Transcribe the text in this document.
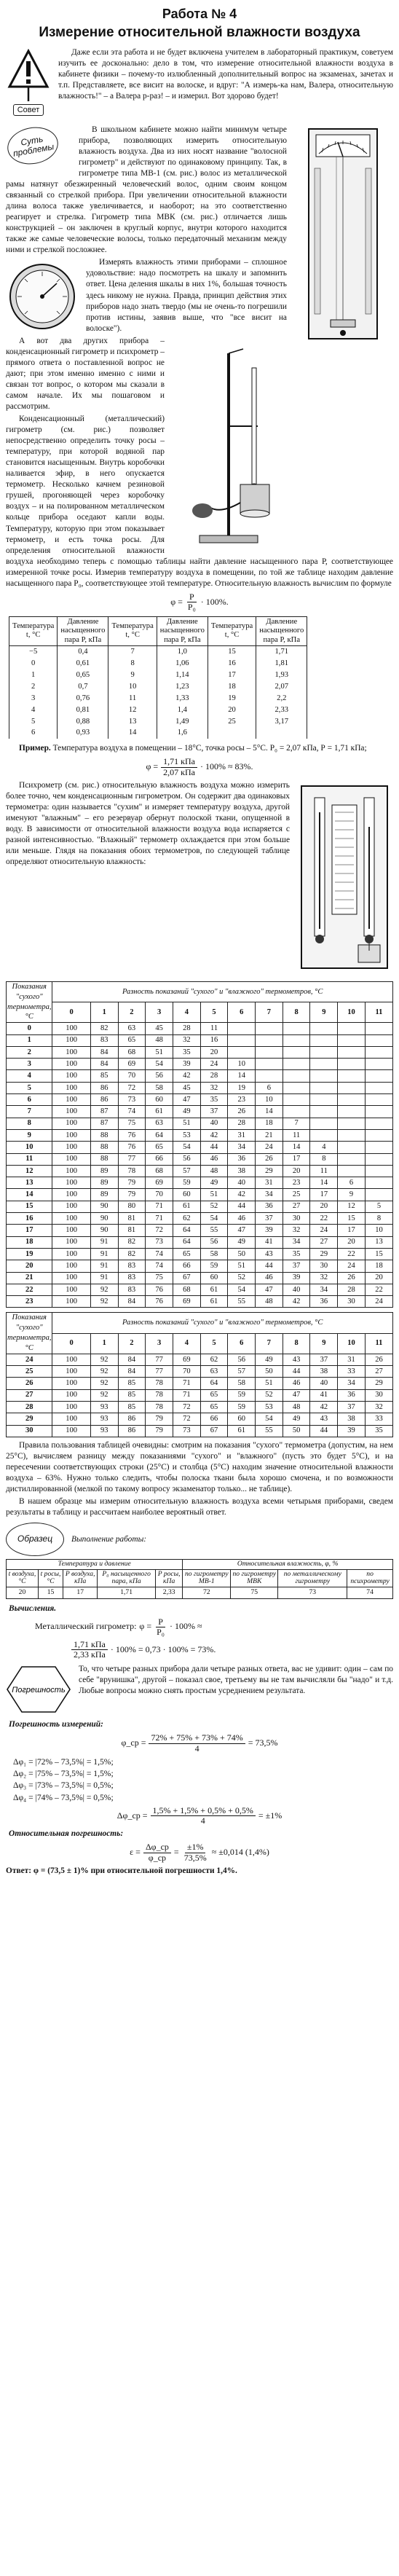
Работа № 4
Измерение относительной влажности воздуха
Совет

Даже если эта работа и не будет включена учителем в лабораторный практикум, советуем изучить ее досконально: дело в том, что измерение относительной влажности воздуха в кабинете физики – почему-то излюбленный дополнительный вопрос на экзаменах, зачетах и т.п. Представляете, все висит на волоске, и вдруг: "А измерь-ка нам, Валера, относительную влажность!" – а Валера р-раз! – и измерил. Вот здорово будет!

Суть проблемы

В школьном кабинете можно найти минимум четыре прибора, позволяющих измерить относительную влажность воздуха. Два из них носят название "волосной гигрометр" и действуют по одинаковому принципу. Так, в гигрометре типа МВ-1 (см. рис.) волос из металлической рамы натянут обезжиренный человеческий волос, одним своим концом связанный со стрелкой прибора. При увеличении относительной влажности длина волоса также увеличивается, и наоборот; на это соответственно реагирует и стрелка. Гигрометр типа МВК (см. рис.) отличается лишь конструкцией – он заключен в круглый корпус, внутри которого находится также же самые человеческие волосы, только передаточный механизм между ними и стрелкой посложнее.

Измерять влажность этими приборами – сплошное удовольствие: надо посмотреть на шкалу и запомнить ответ. Цена деления шкалы в них 1%, большая точность здесь никому не нужна. Правда, принцип действия этих приборов надо знать твердо (мы не очень-то погрешили против истины, заявив выше, что "все висит на волоске").

А вот два других прибора – конденсационный гигрометр и психрометр – прямого ответа о поставленной вопрос не дают; при этом именно именно с ними и связан тот вопрос, о котором мы сказали в самом начале. Их мы пошаговом и рассмотрим.

Конденсационный (металлический) гигрометр (см. рис.) позволяет непосредственно определить точку росы – температуру, при которой водяной пар становится насыщенным. Внутрь коробочки наливается эфир, в него опускается термометр. Несколько качнем резиновой грушей, прогоняющей через коробочку воздух – и на полированном металлическом кольце прибора оседают капли воды. Температуру, которую при этом показывает термометр, и есть точка росы. Для определения относительной влажности воздуха необходимо теперь с помощью таблицы найти давление насыщенного пара Р, соответствующее измеренной точке росы. Измерив температуру воздуха в помещении, по той же таблице находим давление насыщенного пара Р₀, соответствующее этой температуре. Относительную влажность вычислим по формуле

$\varphi = \frac{P}{\text{P₀}} \cdot 100\%$.
Температура t, °C	Давление насыщенного пара P, кПа	Температура t, °C	Давление насыщенного пара P, кПа	Температура t, °C	Давление насыщенного пара P, кПа
−5	0,4	7	1,0	15	1,71
0	0,61	8	1,06	16	1,81
1	0,65	9	1,14	17	1,93
2	0,7	10	1,23	18	2,07
3	0,76	11	1,33	19	2,2
4	0,81	12	1,4	20	2,33
5	0,88	13	1,49	25	3,17
6	0,93	14	1,6		

Пример. Температура воздуха в помещении – 18°С, точка росы – 5°С. Р₀ = 2,07 кПа, Р = 1,71 кПа;

$\varphi = \frac{\text{1,71 кПа}}{\text{2,07 кПа}} \cdot 100\% \approx 83\%$.

Психрометр (см. рис.) относительную влажность воздуха можно измерить более точно, чем конденсационным гигрометром. Он содержит два одинаковых термометра: один называется "сухим" и измеряет температуру воздуха, другой именуют "влажным" – его резервуар обернут полоской ткани, опущенной в воду. В зависимости от относительной влажности воздуха вода испаряется с разной интенсивностью. "Влажный" термометр охлаждается при этом больше или меньше. Глядя на показания обоих термометров, по следующей таблице определяют относительную влажность:

Показания "сухого" термометра, °C	Разность показаний "сухого" и "влажного" термометров, °C											
	0	1	2	3	4	5	6	7	8	9	10	11
0	100	82	63	45	28	11						
1	100	83	65	48	32	16						
2	100	84	68	51	35	20						
3	100	84	69	54	39	24	10					
4	100	85	70	56	42	28	14					
5	100	86	72	58	45	32	19	6				
6	100	86	73	60	47	35	23	10				
7	100	87	74	61	49	37	26	14				
8	100	87	75	63	51	40	28	18	7			
9	100	88	76	64	53	42	31	21	11			
10	100	88	76	65	54	44	34	24	14	4		
11	100	88	77	66	56	46	36	26	17	8		
12	100	89	78	68	57	48	38	29	20	11		
13	100	89	79	69	59	49	40	31	23	14	6	
14	100	89	79	70	60	51	42	34	25	17	9	
15	100	90	80	71	61	52	44	36	27	20	12	5
16	100	90	81	71	62	54	46	37	30	22	15	8
17	100	90	81	72	64	55	47	39	32	24	17	10
18	100	91	82	73	64	56	49	41	34	27	20	13
19	100	91	82	74	65	58	50	43	35	29	22	15
20	100	91	83	74	66	59	51	44	37	30	24	18
21	100	91	83	75	67	60	52	46	39	32	26	20
22	100	92	83	76	68	61	54	47	40	34	28	22
23	100	92	84	76	69	61	55	48	42	36	30	24
Показания "сухого" термометра, °C	Разность показаний "сухого" и "влажного" термометров, °C											
	0	1	2	3	4	5	6	7	8	9	10	11
24	100	92	84	77	69	62	56	49	43	37	31	26
25	100	92	84	77	70	63	57	50	44	38	33	27
26	100	92	85	78	71	64	58	51	46	40	34	29
27	100	92	85	78	71	65	59	52	47	41	36	30
28	100	93	85	78	72	65	59	53	48	42	37	32
29	100	93	86	79	72	66	60	54	49	43	38	33
30	100	93	86	79	73	67	61	55	50	44	39	35

Правила пользования таблицей очевидны: смотрим на показания "сухого" термометра (допустим, на нем 25°С), вычисляем разницу между показаниями "сухого" и "влажного" (пусть это будет 5°С), и на пересечении соответствующих строки (25°С) и столбца (5°С) находим значение относительной влажности воздуха – 63%. Нужно только следить, чтобы полоска ткани была хорошо смочена, и по возможности дистиллированной (мелкой по такому вопросу экзаменатор только... не таблице).

В нашем образце мы измерим относительную влажность воздуха всеми четырьмя приборами, сведем результаты в таблицу и рассчитаем наиболее вероятный ответ.

Образец	Выполнение работы:
Температура и давление					Относительная влажность, φ, %			
t воздуха, °C	t росы, °C	P воздуха, кПа	P₀ насыщенного пара, кПа	P росы, кПа	по гигрометру МВ-1	по гигрометру МВК	по металлическому гигрометру	по психрометру
20	15	17	1,71	2,33	72	75	73	74
Вычисления.
Металлический гигрометр: $\varphi = \frac{P}{\text{P₀}} \cdot 100\%$ ≈
$\frac{\text{1,71 кПа}}{\text{2,33 кПа}} \cdot 100\% = 0,73 \cdot 100\% = 73\%$.
Погрешность

То, что четыре разных прибора дали четыре разных ответа, вас не удивит: один – сам по себе "врунишка", другой – показал свое, третьему вы не там вычисляли бы "надо" и т.д. Любые вопросы можно снять простым усреднением результата.

Погрешность измерений:
φ_ср = $\frac{72\% + 75\% + 73\% + 74\%}{4} = 73,5\%$
Δφ₁ = |72% – 73,5%| = 1,5%;
Δφ₂ = |75% – 73,5%| = 1,5%;
Δφ₃ = |73% – 73,5%| = 0,5%;
Δφ₄ = |74% – 73,5%| = 0,5%;
Δφ_ср = $\frac{1,5\% + 1,5\% + 0,5\% + 0,5\%}{4} = \pm 1\%$
Относительная погрешность:
$\varepsilon = \frac{\Delta\varphi\_ср}{\varphi\_ср} = \frac{\pm 1\%}{73,5\%} \approx \pm 0,014$ (1,4%)

Ответ: φ = (73,5 ± 1)% при относительной погрешности 1,4%.
